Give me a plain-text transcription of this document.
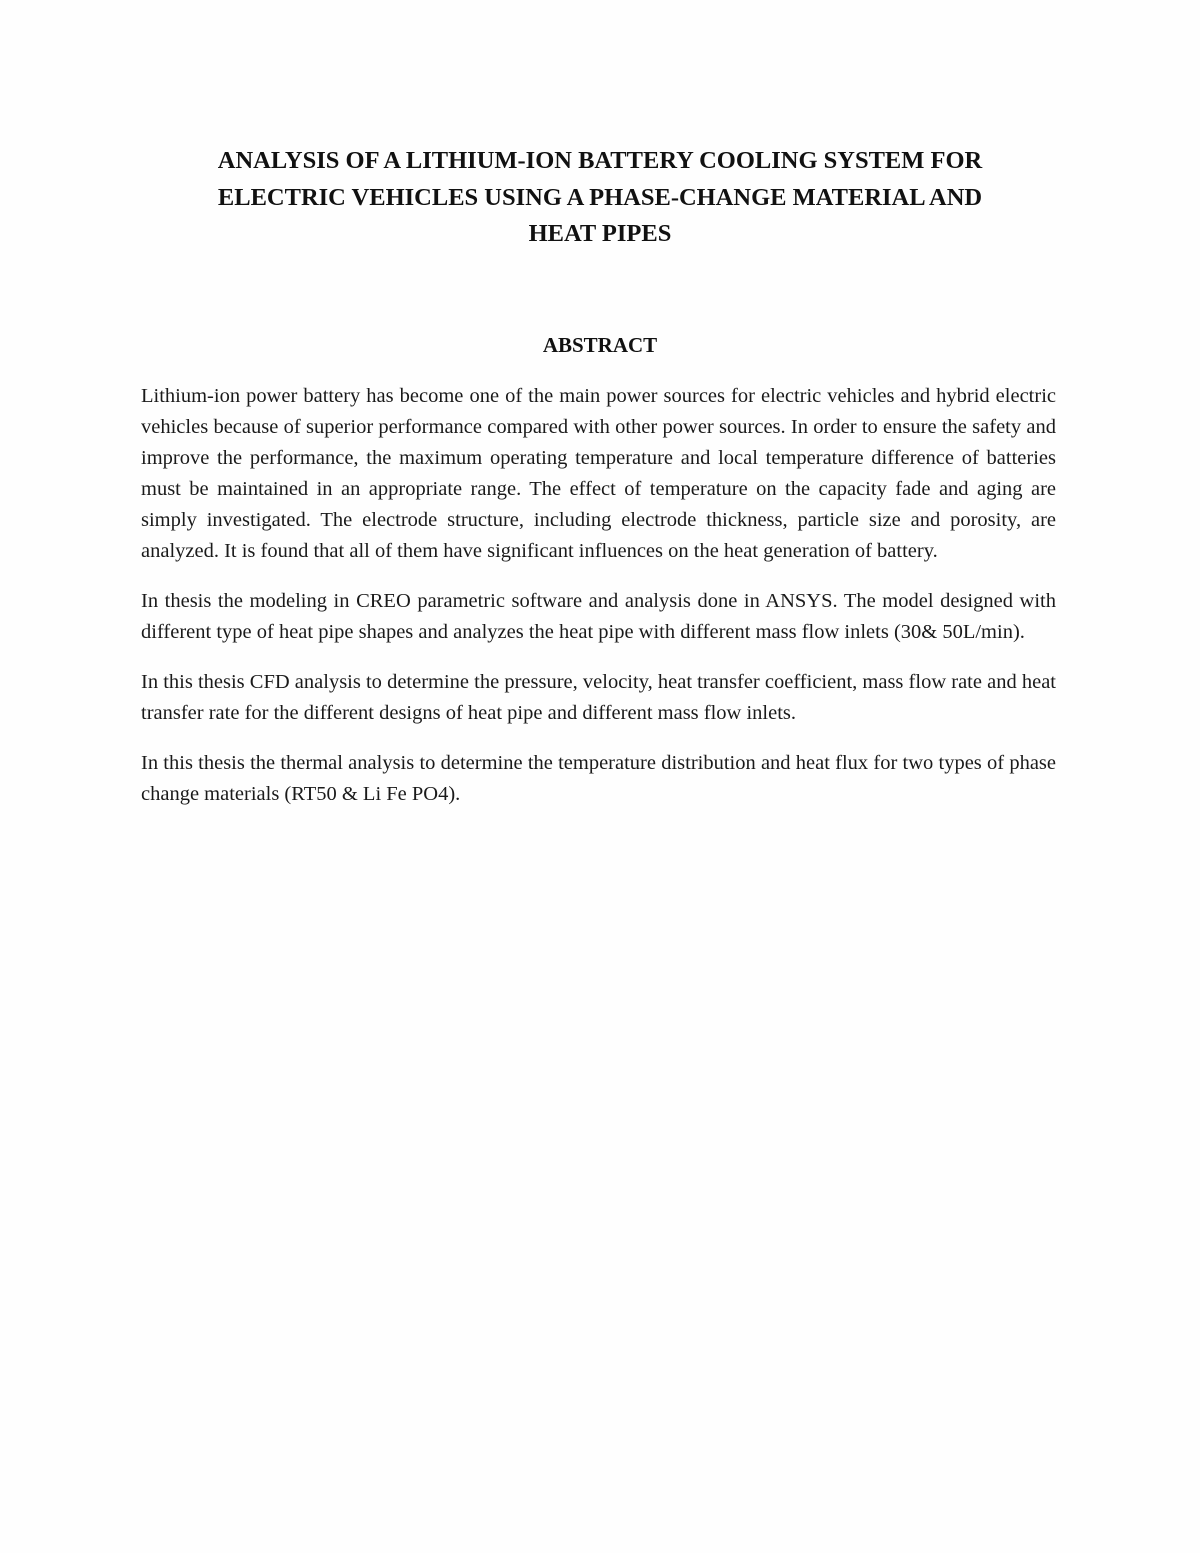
ANALYSIS OF A LITHIUM-ION BATTERY COOLING SYSTEM FOR
ELECTRIC VEHICLES USING A PHASE-CHANGE MATERIAL AND
HEAT PIPES
ABSTRACT

Lithium-ion power battery has become one of the main power sources for electric vehicles and hybrid electric vehicles because of superior performance compared with other power sources. In order to ensure the safety and improve the performance, the maximum operating temperature and local temperature difference of batteries must be maintained in an appropriate range. The effect of temperature on the capacity fade and aging are simply investigated. The electrode structure, including electrode thickness, particle size and porosity, are analyzed. It is found that all of them have significant influences on the heat generation of battery.

In thesis the modeling in CREO parametric software and analysis done in ANSYS. The model designed with different type of heat pipe shapes and analyzes the heat pipe with different mass flow inlets (30& 50L/min).

In this thesis CFD analysis to determine the pressure, velocity, heat transfer coefficient, mass flow rate and heat transfer rate for the different designs of heat pipe and different mass flow inlets.

In this thesis the thermal analysis to determine the temperature distribution and heat flux for two types of phase change materials (RT50 & Li Fe PO4).
